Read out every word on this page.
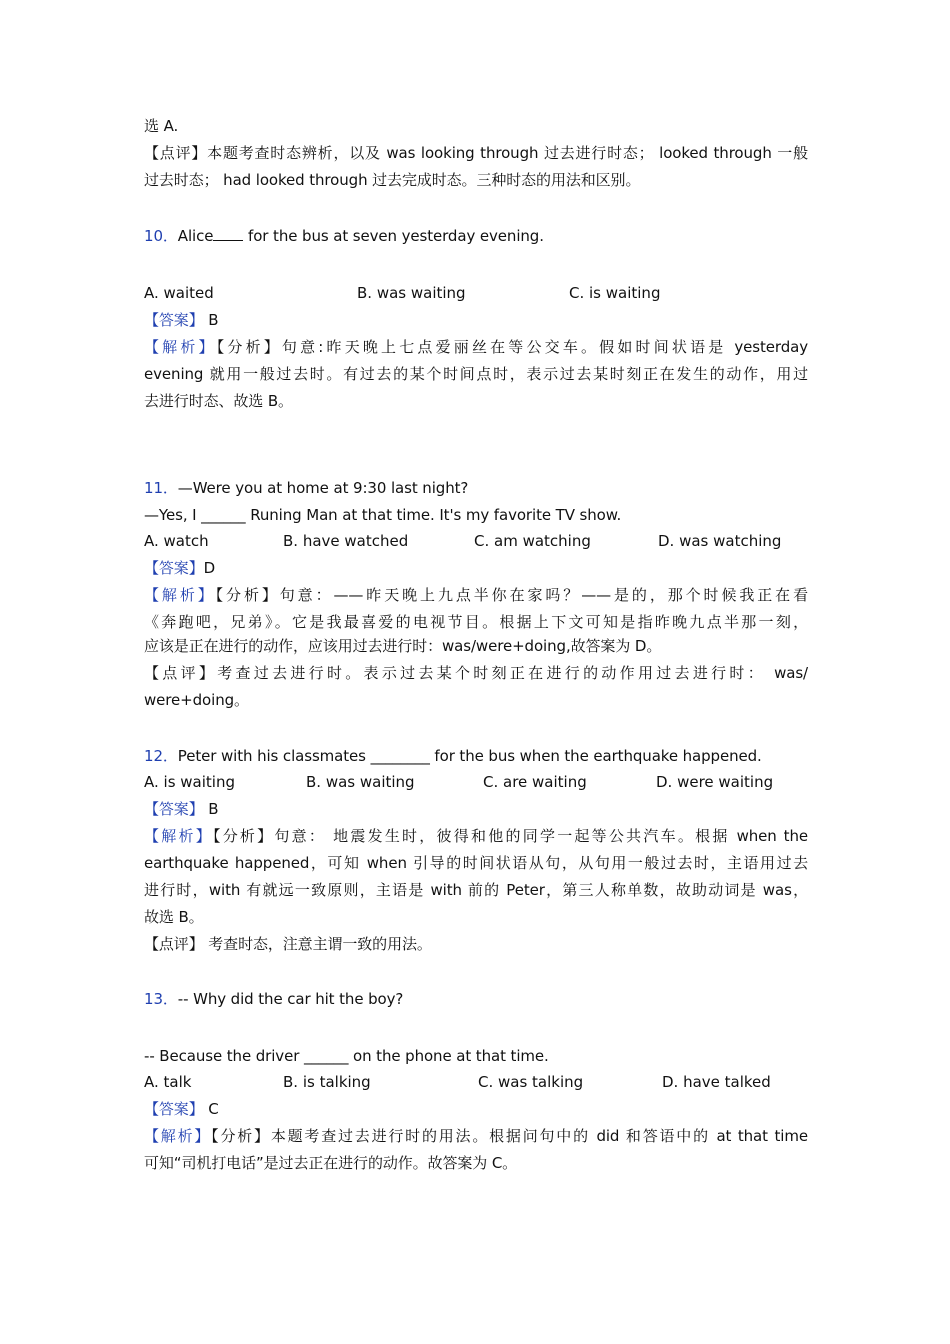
选 A.
【点评】本题考查时态辨析，以及 was looking through 过去进行时态； looked through 一般
过去时态； had looked through 过去完成时态。三种时态的用法和区别。
10．Alice for the bus at seven yesterday evening.
A. waited	B. was waiting	C. is waiting
【答案】 B
【解析】【分析】句意:昨天晚上七点爱丽丝在等公交车。假如时间状语是 yesterday
evening 就用一般过去时。有过去的某个时间点时，表示过去某时刻正在发生的动作，用过
去进行时态、故选 B。
11．—Were you at home at 9:30 last night?
—Yes, I ______ Runing Man at that time. It's my favorite TV show.
A. watch	B. have watched	C. am watching	D. was watching
【答案】D
【解析】【分析】句意：——昨天晚上九点半你在家吗？——是的，那个时候我正在看
《奔跑吧，兄弟》。它是我最喜爱的电视节目。根据上下文可知是指昨晚九点半那一刻，
应该是正在进行的动作，应该用过去进行时：was/were+doing,故答案为 D。
【点评】考查过去进行时。表示过去某个时刻正在进行的动作用过去进行时： was/
were+doing。
12．Peter with his classmates ________ for the bus when the earthquake happened.
A. is waiting	B. was waiting	C. are waiting	D. were waiting
【答案】 B
【解析】【分析】句意： 地震发生时，彼得和他的同学一起等公共汽车。根据 when the
earthquake happened，可知 when 引导的时间状语从句，从句用一般过去时，主语用过去
进行时，with 有就远一致原则，主语是 with 前的 Peter，第三人称单数，故助动词是 was，
故选 B。
【点评】 考查时态，注意主谓一致的用法。
13．-- Why did the car hit the boy?
-- Because the driver ______ on the phone at that time.
A. talk	B. is talking	C. was talking	D. have talked
【答案】 C
【解析】【分析】本题考查过去进行时的用法。根据问句中的 did 和答语中的 at that time
可知“司机打电话”是过去正在进行的动作。故答案为 C。
